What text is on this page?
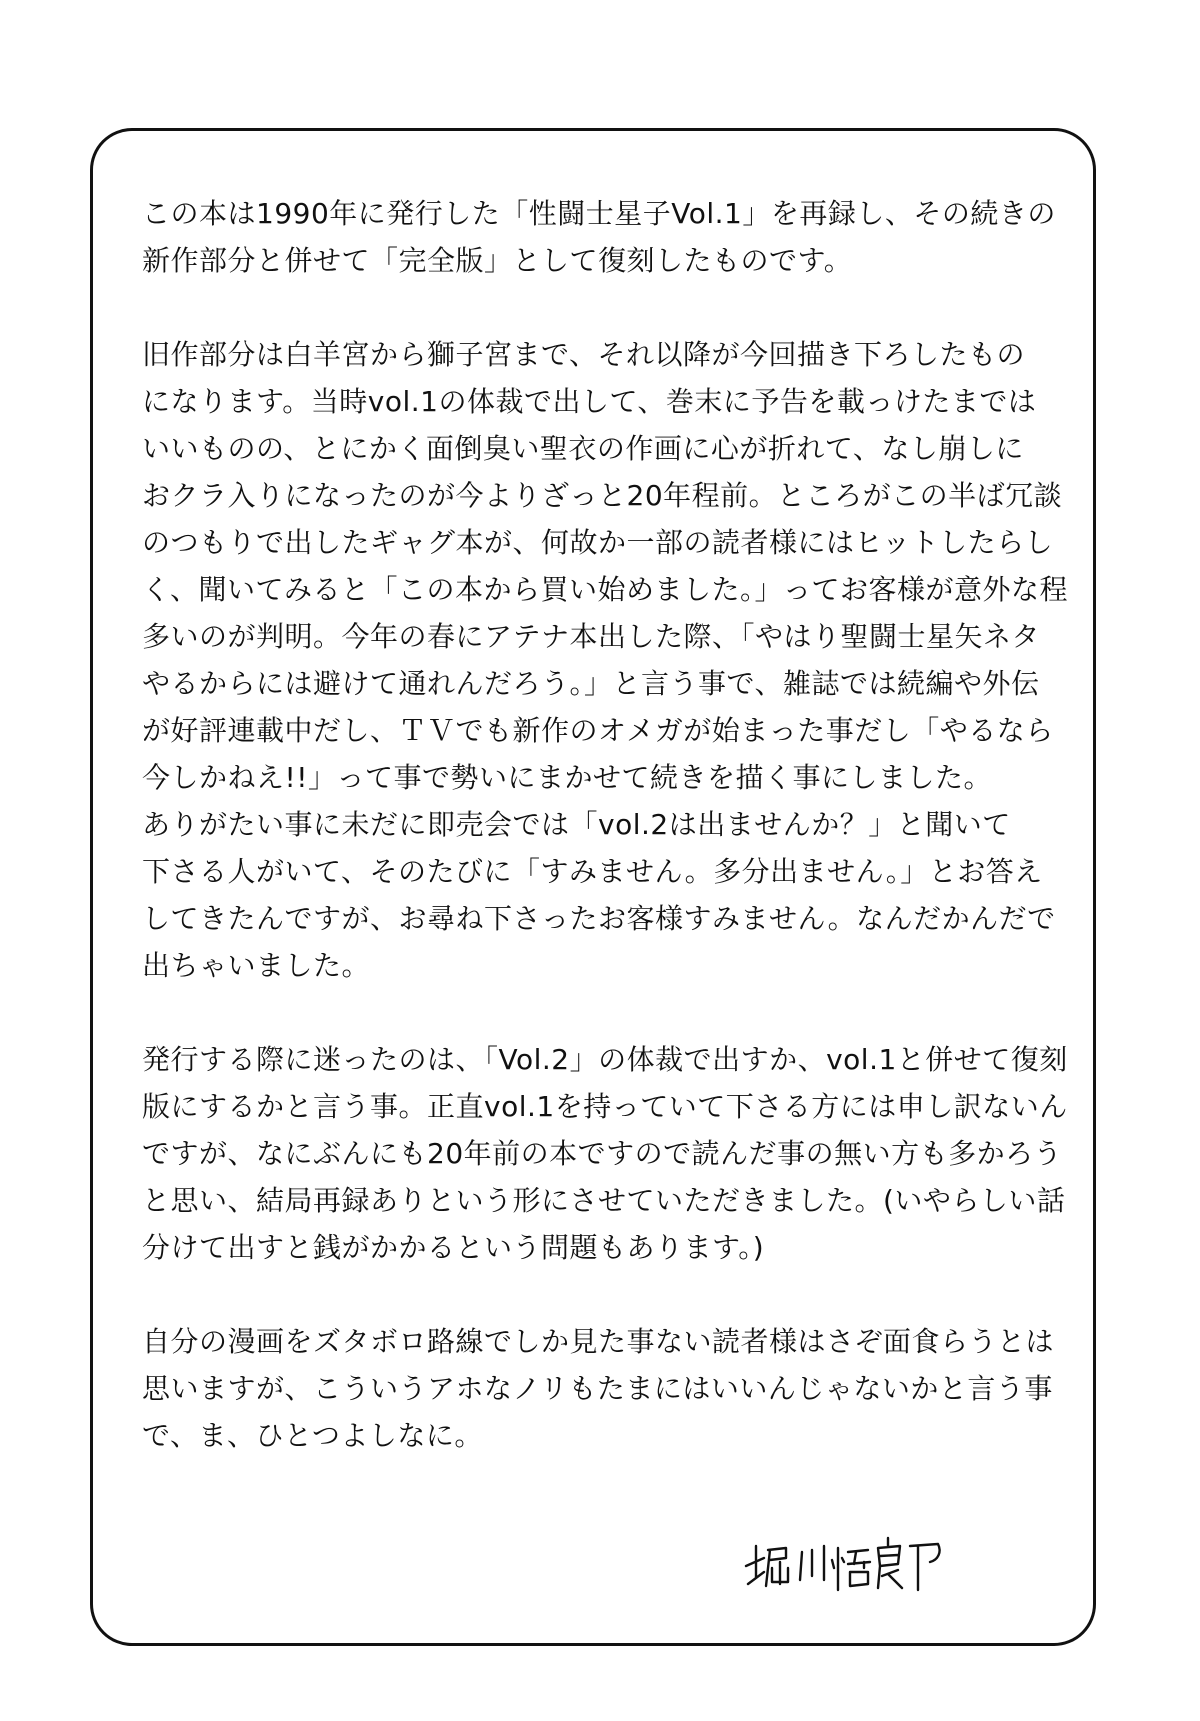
この本は1990年に発行した「性闘士星子Vol.1」を再録し、その続きの
新作部分と併せて「完全版」として復刻したものです。
旧作部分は白羊宮から獅子宮まで、それ以降が今回描き下ろしたもの
になります。当時vol.1の体裁で出して、巻末に予告を載っけたまでは
いいものの、とにかく面倒臭い聖衣の作画に心が折れて、なし崩しに
おクラ入りになったのが今よりざっと20年程前。ところがこの半ば冗談
のつもりで出したギャグ本が、何故か一部の読者様にはヒットしたらし
く、聞いてみると「この本から買い始めました。」ってお客様が意外な程
多いのが判明。今年の春にアテナ本出した際、「やはり聖闘士星矢ネタ
やるからには避けて通れんだろう。」と言う事で、雑誌では続編や外伝
が好評連載中だし、ＴＶでも新作のオメガが始まった事だし「やるなら
今しかねえ!!」って事で勢いにまかせて続きを描く事にしました。
ありがたい事に未だに即売会では「vol.2は出ませんか？」と聞いて
下さる人がいて、そのたびに「すみません。多分出ません。」とお答え
してきたんですが、お尋ね下さったお客様すみません。なんだかんだで
出ちゃいました。
発行する際に迷ったのは、「Vol.2」の体裁で出すか、vol.1と併せて復刻
版にするかと言う事。正直vol.1を持っていて下さる方には申し訳ないん
ですが、なにぶんにも20年前の本ですので読んだ事の無い方も多かろう
と思い、結局再録ありという形にさせていただきました。(いやらしい話
分けて出すと銭がかかるという問題もあります。)
自分の漫画をズタボロ路線でしか見た事ない読者様はさぞ面食らうとは
思いますが、こういうアホなノリもたまにはいいんじゃないかと言う事
で、ま、ひとつよしなに。
